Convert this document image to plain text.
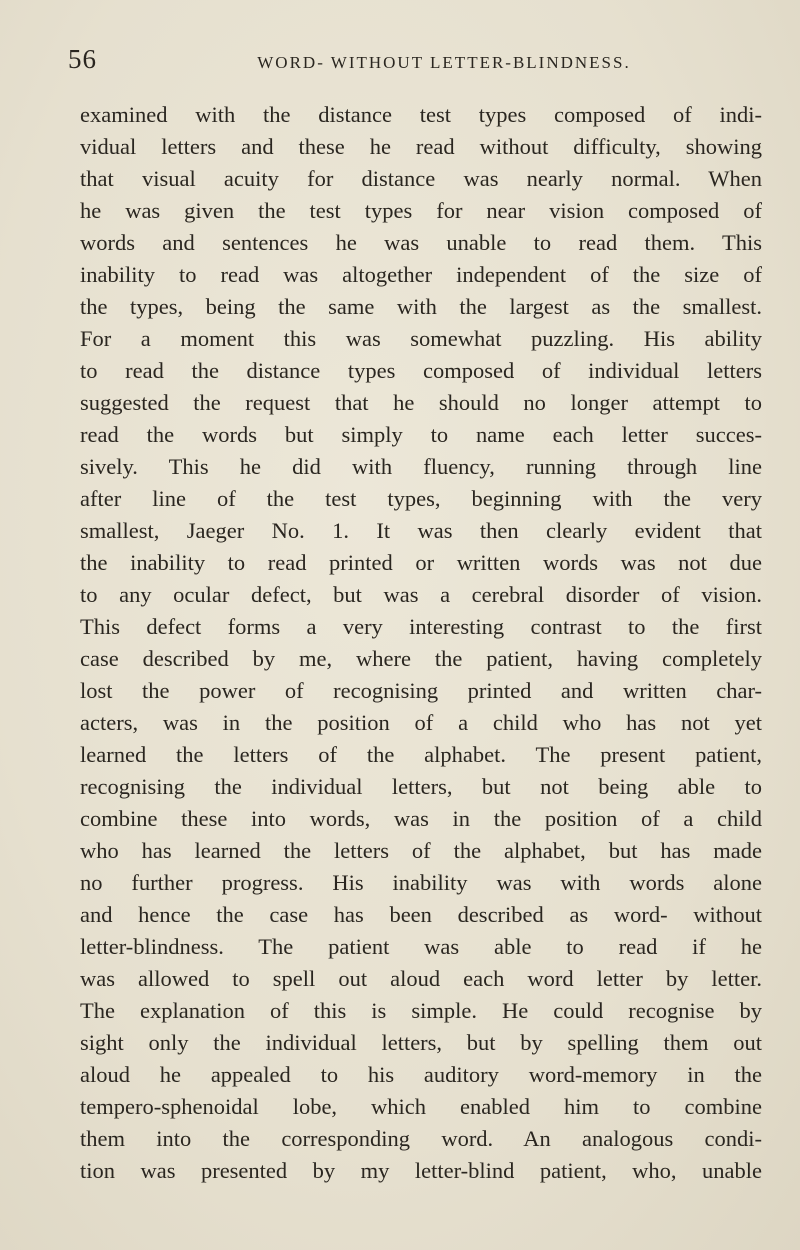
56	WORD- WITHOUT LETTER-BLINDNESS.
examined with the distance test types composed of indi-
vidual letters and these he read without difficulty, showing
that visual acuity for distance was nearly normal. When
he was given the test types for near vision composed of
words and sentences he was unable to read them. This
inability to read was altogether independent of the size of
the types, being the same with the largest as the smallest.
For a moment this was somewhat puzzling. His ability
to read the distance types composed of individual letters
suggested the request that he should no longer attempt to
read the words but simply to name each letter succes-
sively. This he did with fluency, running through line
after line of the test types, beginning with the very
smallest, Jaeger No. 1. It was then clearly evident that
the inability to read printed or written words was not due
to any ocular defect, but was a cerebral disorder of vision.
This defect forms a very interesting contrast to the first
case described by me, where the patient, having completely
lost the power of recognising printed and written char-
acters, was in the position of a child who has not yet
learned the letters of the alphabet. The present patient,
recognising the individual letters, but not being able to
combine these into words, was in the position of a child
who has learned the letters of the alphabet, but has made
no further progress. His inability was with words alone
and hence the case has been described as word- without
letter-blindness. The patient was able to read if he
was allowed to spell out aloud each word letter by letter.
The explanation of this is simple. He could recognise by
sight only the individual letters, but by spelling them out
aloud he appealed to his auditory word-memory in the
tempero-sphenoidal lobe, which enabled him to combine
them into the corresponding word. An analogous condi-
tion was presented by my letter-blind patient, who, unable
